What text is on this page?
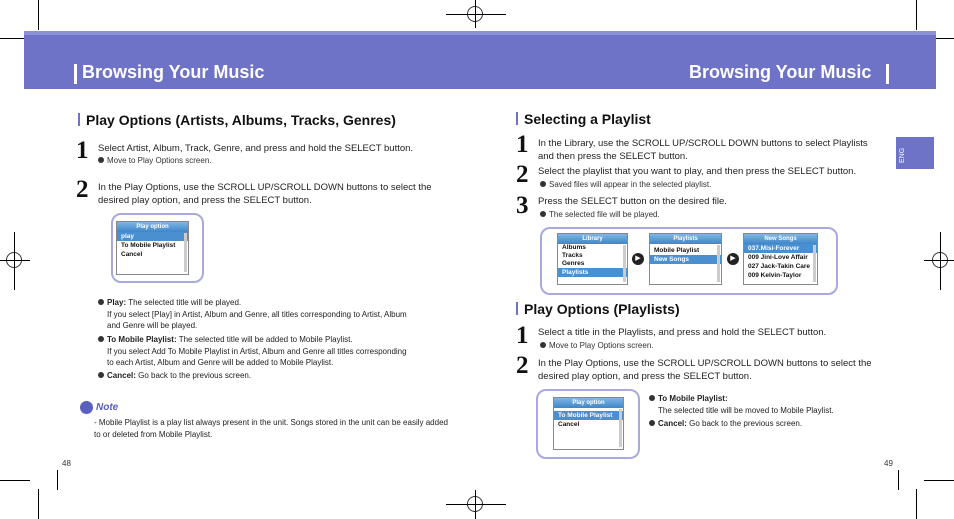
Browsing Your Music	Browsing Your Music
Play Options (Artists, Albums, Tracks, Genres)
1 Select Artist, Album, Track, Genre, and press and hold the SELECT button.
Move to Play Options screen.
2 In the Play Options, use the SCROLL UP/SCROLL DOWN buttons to select the desired play option, and press the SELECT button.
Play option
play
To Mobile Playlist
Cancel
Play: The selected title will be played.
If you select [Play] in Artist, Album and Genre, all titles corresponding to Artist, Album and Genre will be played.
To Mobile Playlist: The selected title will be added to Mobile Playlist.
If you select Add To Mobile Playlist in Artist, Album and Genre all titles corresponding to each Artist, Album and Genre will be added to Mobile Playlist.
Cancel: Go back to the previous screen.
Note
- Mobile Playlist is a play list always present in the unit. Songs stored in the unit can be easily added to or deleted from Mobile Playlist.
48
Selecting a Playlist
1 In the Library, use the SCROLL UP/SCROLL DOWN buttons to select Playlists and then press the SELECT button.
2 Select the playlist that you want to play, and then press the SELECT button.
Saved files will appear in the selected playlist.
3 Press the SELECT button on the desired file.
The selected file will be played.
Library
Albums
Tracks
Genres
Playlists
▶
Playlists
Mobile Playlist
New Songs	▶
New Songs
037.Misi-Forever
009 Jini-Love Affair
027 Jack-Takin Care
009 Kelvin-Taylor
Play Options (Playlists)
1 Select a title in the Playlists, and press and hold the SELECT button.
Move to Play Options screen.
2 In the Play Options, use the SCROLL UP/SCROLL DOWN buttons to select the desired play option, and press the SELECT button.
Play option
To Mobile Playlist
Cancel
To Mobile Playlist:
The selected title will be moved to Mobile Playlist.
Cancel: Go back to the previous screen.
ENG
49
